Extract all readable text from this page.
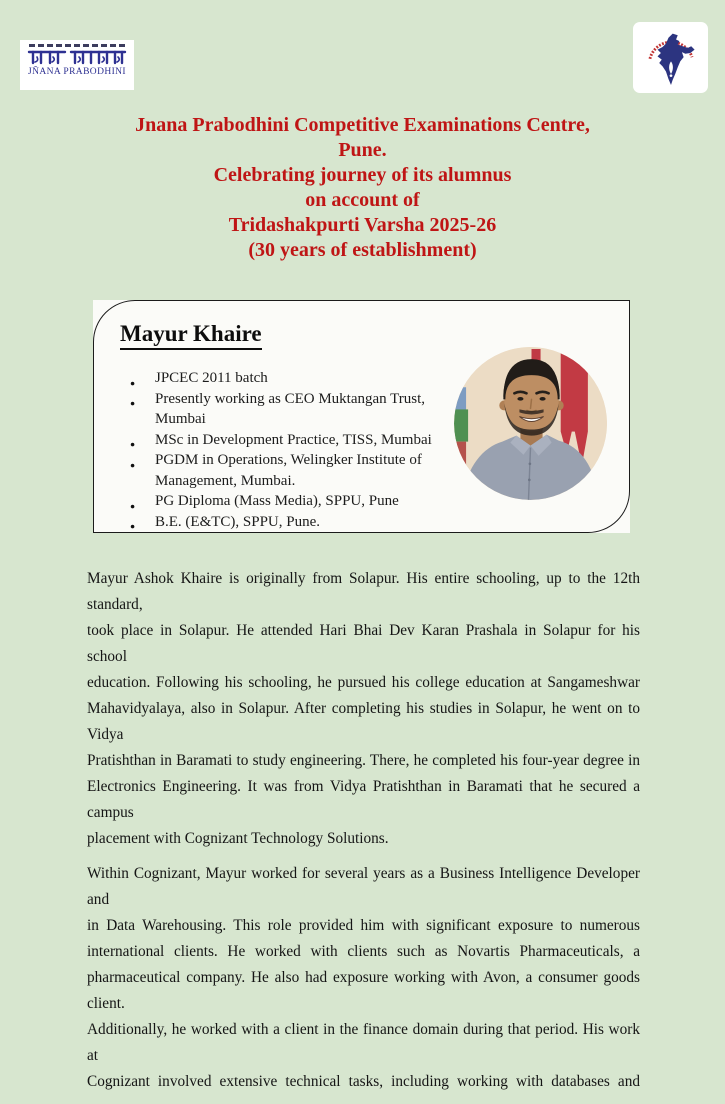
JÑANA PRABODHINI
Jnana Prabodhini Competitive Examinations Centre,
Pune.
Celebrating journey of its alumnus
on account of
Tridashakpurti Varsha 2025-26
(30 years of establishment)
Mayur Khaire
● JPCEC 2011 batch
● Presently working as CEO Muktangan Trust,
Mumbai
● MSc in Development Practice, TISS, Mumbai
● PGDM in Operations, Welingker Institute of
Management, Mumbai.
● PG Diploma (Mass Media), SPPU, Pune
● B.E. (E&TC), SPPU, Pune.
Mayur Ashok Khaire is originally from Solapur. His entire schooling, up to the 12th standard,
took place in Solapur. He attended Hari Bhai Dev Karan Prashala in Solapur for his school
education. Following his schooling, he pursued his college education at Sangameshwar
Mahavidyalaya, also in Solapur. After completing his studies in Solapur, he went on to Vidya
Pratishthan in Baramati to study engineering. There, he completed his four-year degree in
Electronics Engineering. It was from Vidya Pratishthan in Baramati that he secured a campus
placement with Cognizant Technology Solutions.
Within Cognizant, Mayur worked for several years as a Business Intelligence Developer and
in Data Warehousing. This role provided him with significant exposure to numerous
international clients. He worked with clients such as Novartis Pharmaceuticals, a
pharmaceutical company. He also had exposure working with Avon, a consumer goods client.
Additionally, he worked with a client in the finance domain during that period. His work at
Cognizant involved extensive technical tasks, including working with databases and
